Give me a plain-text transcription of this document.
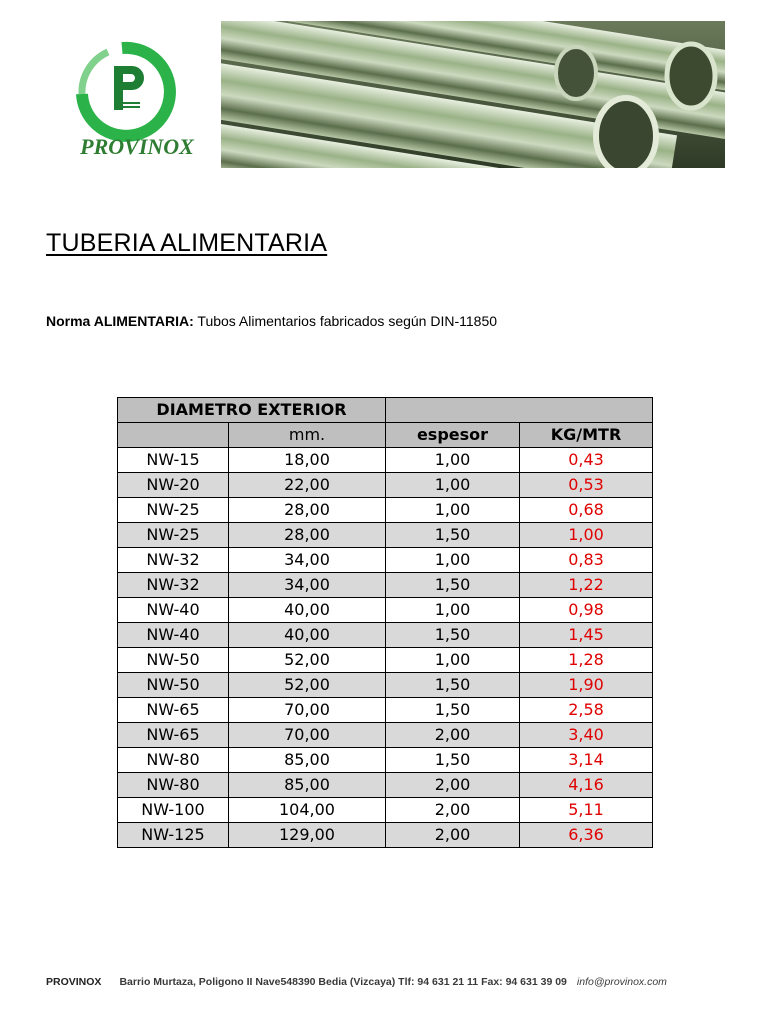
PROVINOX
TUBERIA ALIMENTARIA
Norma ALIMENTARIA: Tubos Alimentarios fabricados según DIN-11850
DIAMETRO EXTERIOR			
	mm.	espesor	KG/MTR
NW-15	18,00	1,00	0,43
NW-20	22,00	1,00	0,53
NW-25	28,00	1,00	0,68
NW-25	28,00	1,50	1,00
NW-32	34,00	1,00	0,83
NW-32	34,00	1,50	1,22
NW-40	40,00	1,00	0,98
NW-40	40,00	1,50	1,45
NW-50	52,00	1,00	1,28
NW-50	52,00	1,50	1,90
NW-65	70,00	1,50	2,58
NW-65	70,00	2,00	3,40
NW-80	85,00	1,50	3,14
NW-80	85,00	2,00	4,16
NW-100	104,00	2,00	5,11
NW-125	129,00	2,00	6,36
PROVINOX Barrio Murtaza, Poligono II Nave548390 Bedia (Vizcaya) Tlf: 94 631 21 11 Fax: 94 631 39 09 info@provinox.com
